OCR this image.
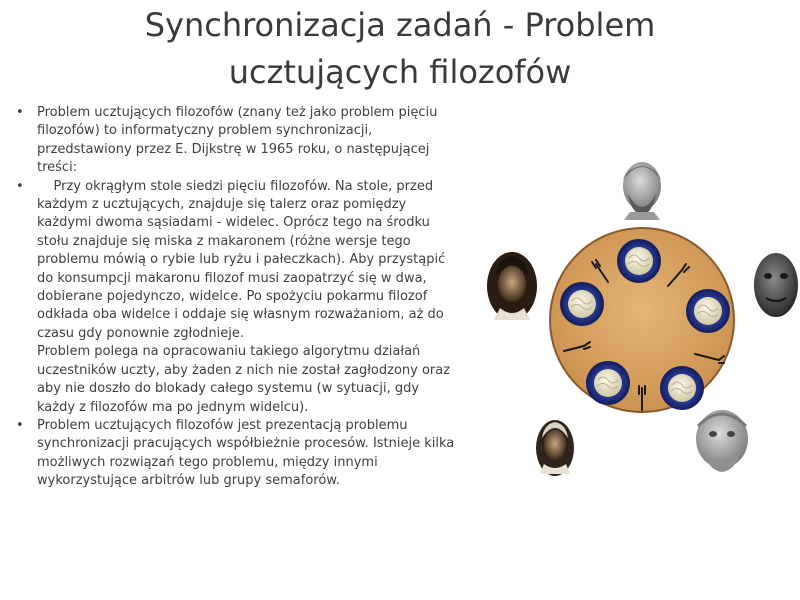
Synchronizacja zadań - Problem
ucztujących filozofów
• Problem ucztujących filozofów (znany też jako problem pięciu filozofów) to informatyczny problem synchronizacji, przedstawiony przez E. Dijkstrę w 1965 roku, o następującej treści:
• Przy okrągłym stole siedzi pięciu filozofów. Na stole, przed każdym z ucztujących, znajduje się talerz oraz pomiędzy każdymi dwoma sąsiadami - widelec. Oprócz tego na środku stołu znajduje się miska z makaronem (różne wersje tego problemu mówią o rybie lub ryżu i pałeczkach). Aby przystąpić do konsumpcji makaronu filozof musi zaopatrzyć się w dwa, dobierane pojedynczo, widelce. Po spożyciu pokarmu filozof odkłada oba widelce i oddaje się własnym rozważaniom, aż do czasu gdy ponownie zgłodnieje.
Problem polega na opracowaniu takiego algorytmu działań uczestników uczty, aby żaden z nich nie został zagłodzony oraz aby nie doszło do blokady całego systemu (w sytuacji, gdy każdy z filozofów ma po jednym widelcu).
• Problem ucztujących filozofów jest prezentacją problemu synchronizacji pracujących współbieżnie procesów. Istnieje kilka możliwych rozwiązań tego problemu, między innymi wykorzystujące arbitrów lub grupy semaforów.
